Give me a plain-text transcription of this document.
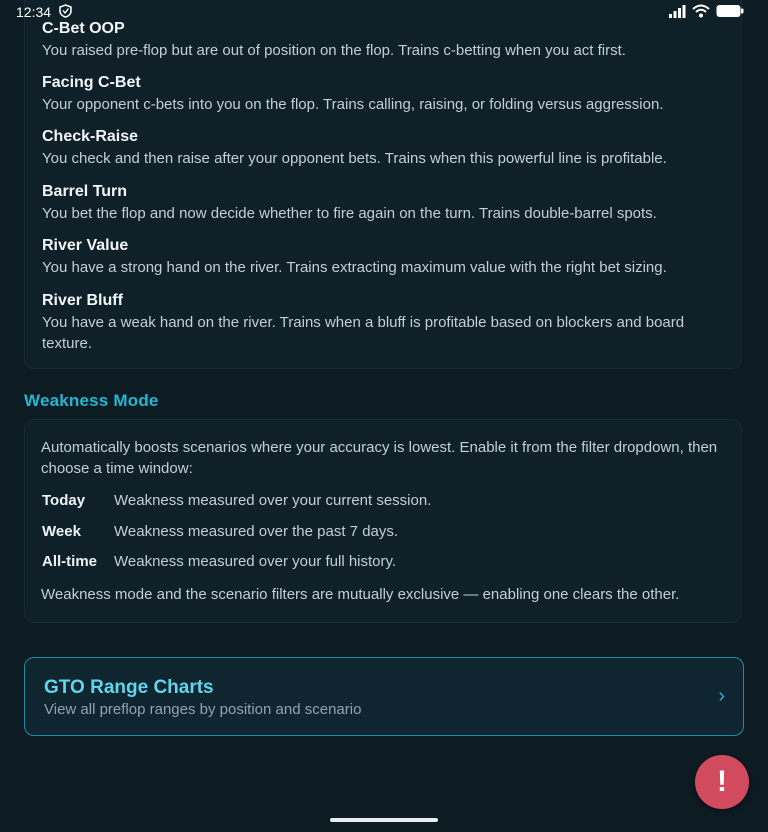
12:34
C-Bet OOP
You raised pre-flop but are out of position on the flop. Trains c-betting when you act first.
Facing C-Bet
Your opponent c-bets into you on the flop. Trains calling, raising, or folding versus aggression.
Check-Raise
You check and then raise after your opponent bets. Trains when this powerful line is profitable.
Barrel Turn
You bet the flop and now decide whether to fire again on the turn. Trains double-barrel spots.
River Value
You have a strong hand on the river. Trains extracting maximum value with the right bet sizing.
River Bluff
You have a weak hand on the river. Trains when a bluff is profitable based on blockers and board texture.
Weakness Mode
Automatically boosts scenarios where your accuracy is lowest. Enable it from the filter dropdown, then choose a time window:
Today	Weakness measured over your current session.
Week	Weakness measured over the past 7 days.
All-time	Weakness measured over your full history.
Weakness mode and the scenario filters are mutually exclusive — enabling one clears the other.
GTO Range Charts
View all preflop ranges by position and scenario
›
!
